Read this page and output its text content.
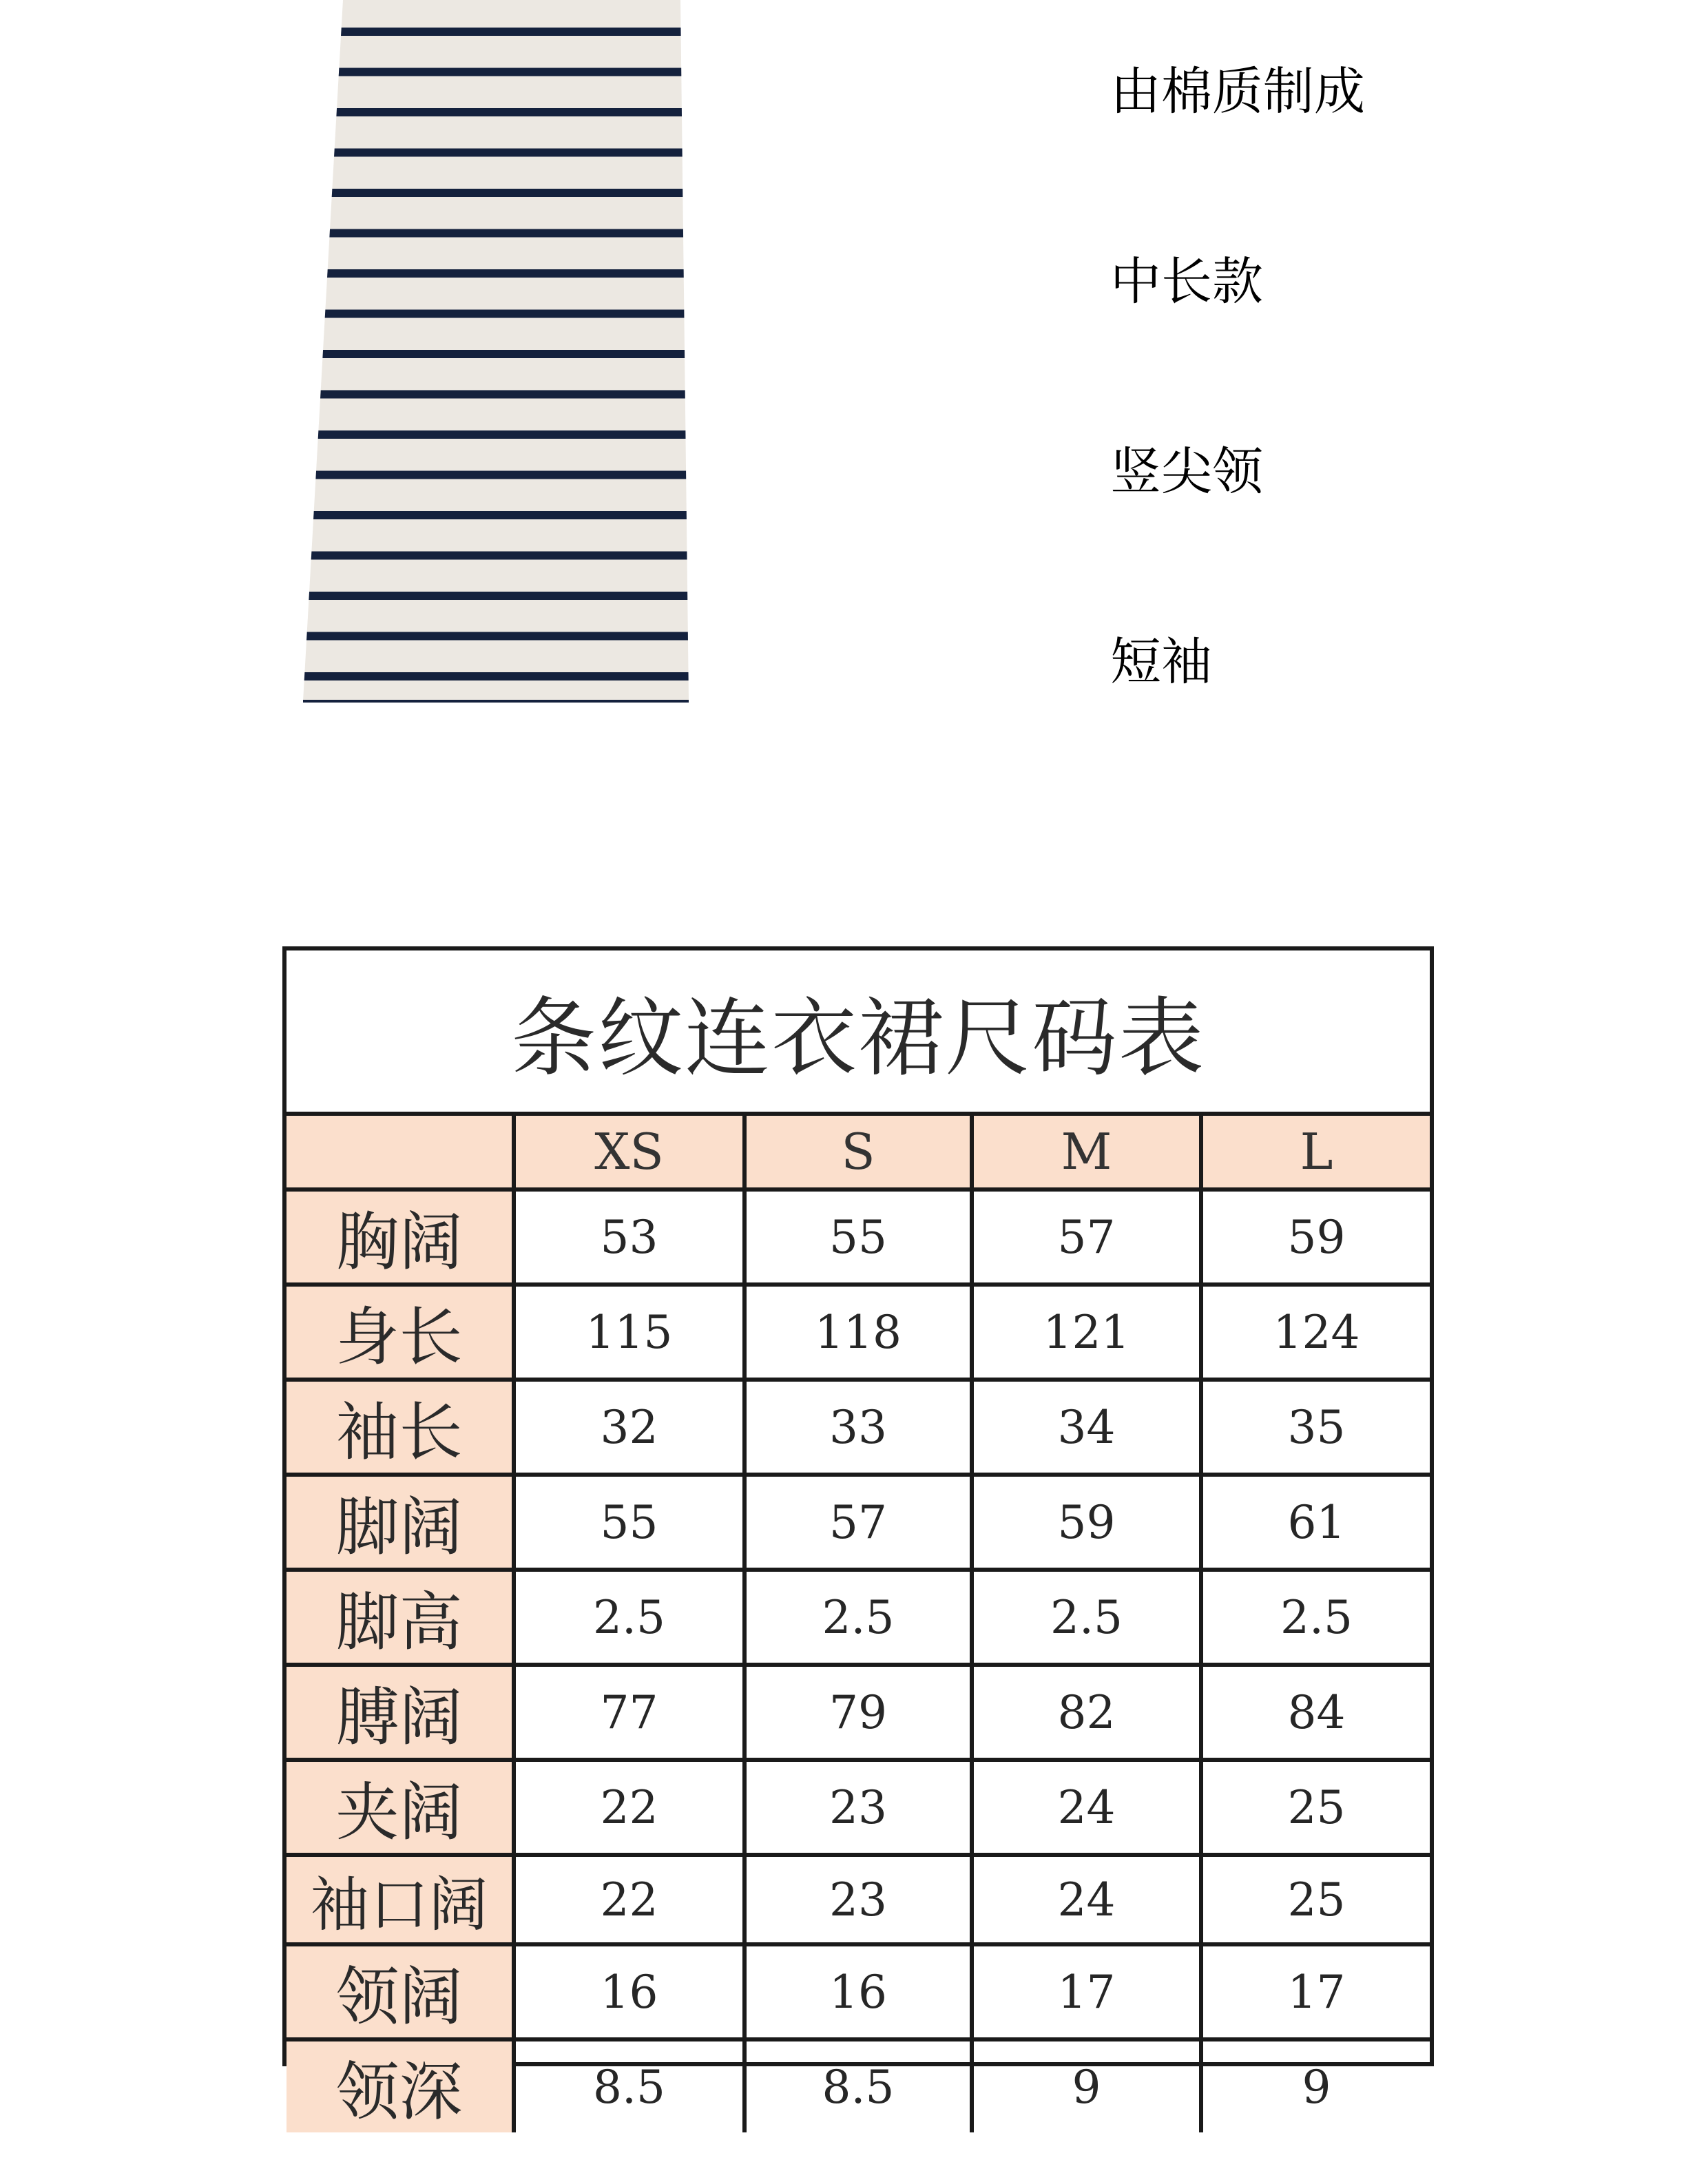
由棉质制成
中长款
竖尖领
短袖
条纹连衣裙尺码表
	XS	S	M	L
胸阔	53	55	57	59
身长	115	118	121	124
袖长	32	33	34	35
脚阔	55	57	59	61
脚高	2.5	2.5	2.5	2.5
膊阔	77	79	82	84
夹阔	22	23	24	25
袖口阔	22	23	24	25
领阔	16	16	17	17
领深	8.5	8.5	9	9
